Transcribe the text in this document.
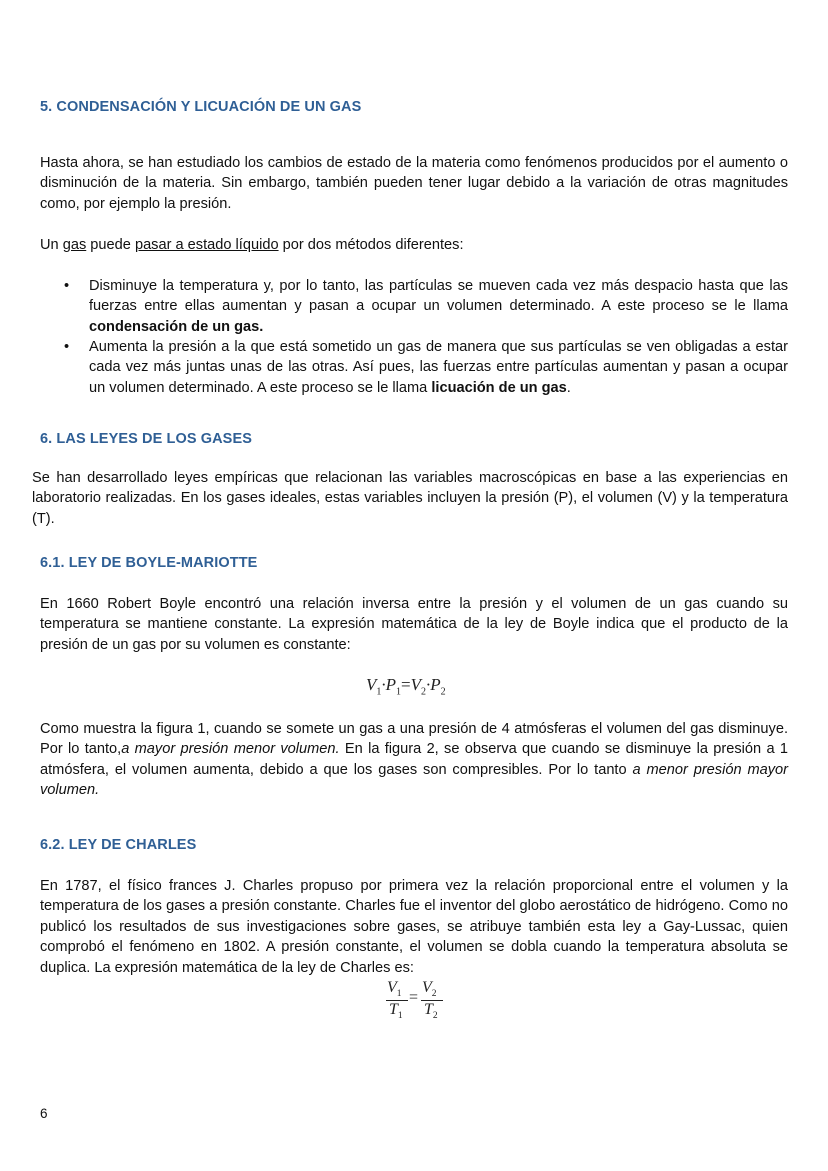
5. CONDENSACIÓN Y LICUACIÓN DE UN GAS

Hasta ahora, se han estudiado los cambios de estado de la materia como fenómenos producidos por el aumento o disminución de la materia. Sin embargo, también pueden tener lugar debido a la variación de otras magnitudes como, por ejemplo la presión.

Un gas puede pasar a estado líquido por dos métodos diferentes:

•	Disminuye la temperatura y, por lo tanto, las partículas se mueven cada vez más despacio hasta que las fuerzas entre ellas aumentan y pasan a ocupar un volumen determinado. A este proceso se le llama condensación de un gas.

•	Aumenta la presión a la que está sometido un gas de manera que sus partículas se ven obligadas a estar cada vez más juntas unas de las otras. Así pues, las fuerzas entre partículas aumentan y pasan a ocupar un volumen determinado. A este proceso se le llama licuación de un gas.

6. LAS LEYES DE LOS GASES

Se han desarrollado leyes empíricas que relacionan las variables macroscópicas en base a las experiencias en laboratorio realizadas. En los gases ideales, estas variables incluyen la presión (P), el volumen (V) y la temperatura (T).

6.1. LEY DE BOYLE-MARIOTTE

En 1660 Robert Boyle encontró una relación inversa entre la presión y el volumen de un gas cuando su temperatura se mantiene constante. La expresión matemática de la ley de Boyle indica que el producto de la presión de un gas por su volumen es constante:

$V_1\cdot P_1=V_2\cdot P_2$

Como muestra la figura 1, cuando se somete un gas a una presión de 4 atmósferas el volumen del gas disminuye. Por lo tanto,a mayor presión menor volumen. En la figura 2, se observa que cuando se disminuye la presión a 1 atmósfera, el volumen aumenta, debido a que los gases son compresibles. Por lo tanto a menor presión mayor volumen.

6.2. LEY DE CHARLES

En 1787, el físico frances J. Charles propuso por primera vez la relación proporcional entre el volumen y la temperatura de los gases a presión constante. Charles fue el inventor del globo aerostático de hidrógeno. Como no publicó los resultados de sus investigaciones sobre gases, se atribuye también esta ley a Gay-Lussac, quien comprobó el fenómeno en 1802. A presión constante, el volumen se dobla cuando la temperatura absoluta se duplica. La expresión matemática de la ley de Charles es:

$V_1$
$T_1$
=
$V_2$
$T_2$
6
